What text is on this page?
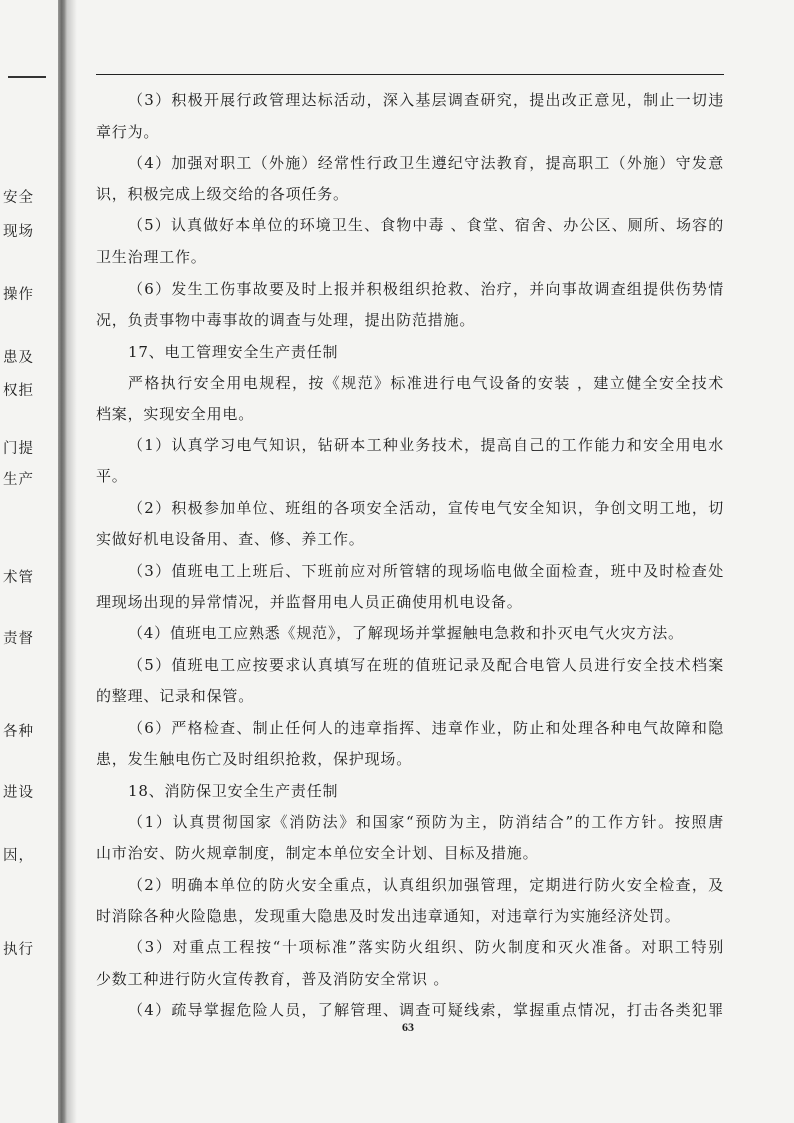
安全
现场
操作
患及
权拒
门提
生产
术管
责督
各种
进设
因，
执行
（3）积极开展行政管理达标活动，深入基层调查研究，提出改正意见，制止一切违
章行为。
（4）加强对职工（外施）经常性行政卫生遵纪守法教育，提高职工（外施）守发意
识，积极完成上级交给的各项任务。
（5）认真做好本单位的环境卫生、食物中毒 、食堂、宿舍、办公区、厕所、场容的
卫生治理工作。
（6）发生工伤事故要及时上报并积极组织抢救、治疗，并向事故调查组提供伤势情
况，负责事物中毒事故的调查与处理，提出防范措施。
17、电工管理安全生产责任制
严格执行安全用电规程，按《规范》标准进行电气设备的安装 ，建立健全安全技术
档案，实现安全用电。
（1）认真学习电气知识，钻研本工种业务技术，提高自己的工作能力和安全用电水
平。
（2）积极参加单位、班组的各项安全活动，宣传电气安全知识，争创文明工地，切
实做好机电设备用、查、修、养工作。
（3）值班电工上班后、下班前应对所管辖的现场临电做全面检查，班中及时检查处
理现场出现的异常情况，并监督用电人员正确使用机电设备。
（4）值班电工应熟悉《规范》，了解现场并掌握触电急救和扑灭电气火灾方法。
（5）值班电工应按要求认真填写在班的值班记录及配合电管人员进行安全技术档案
的整理、记录和保管。
（6）严格检查、制止任何人的违章指挥、违章作业，防止和处理各种电气故障和隐
患，发生触电伤亡及时组织抢救，保护现场。
18、消防保卫安全生产责任制
（1）认真贯彻国家《消防法》和国家“预防为主，防消结合”的工作方针。按照唐
山市治安、防火规章制度，制定本单位安全计划、目标及措施。
（2）明确本单位的防火安全重点，认真组织加强管理，定期进行防火安全检查，及
时消除各种火险隐患，发现重大隐患及时发出违章通知，对违章行为实施经济处罚。
（3）对重点工程按“十项标准”落实防火组织、防火制度和灭火准备。对职工特别
少数工种进行防火宣传教育，普及消防安全常识 。
（4）疏导掌握危险人员，了解管理、调查可疑线索，掌握重点情况，打击各类犯罪
63
